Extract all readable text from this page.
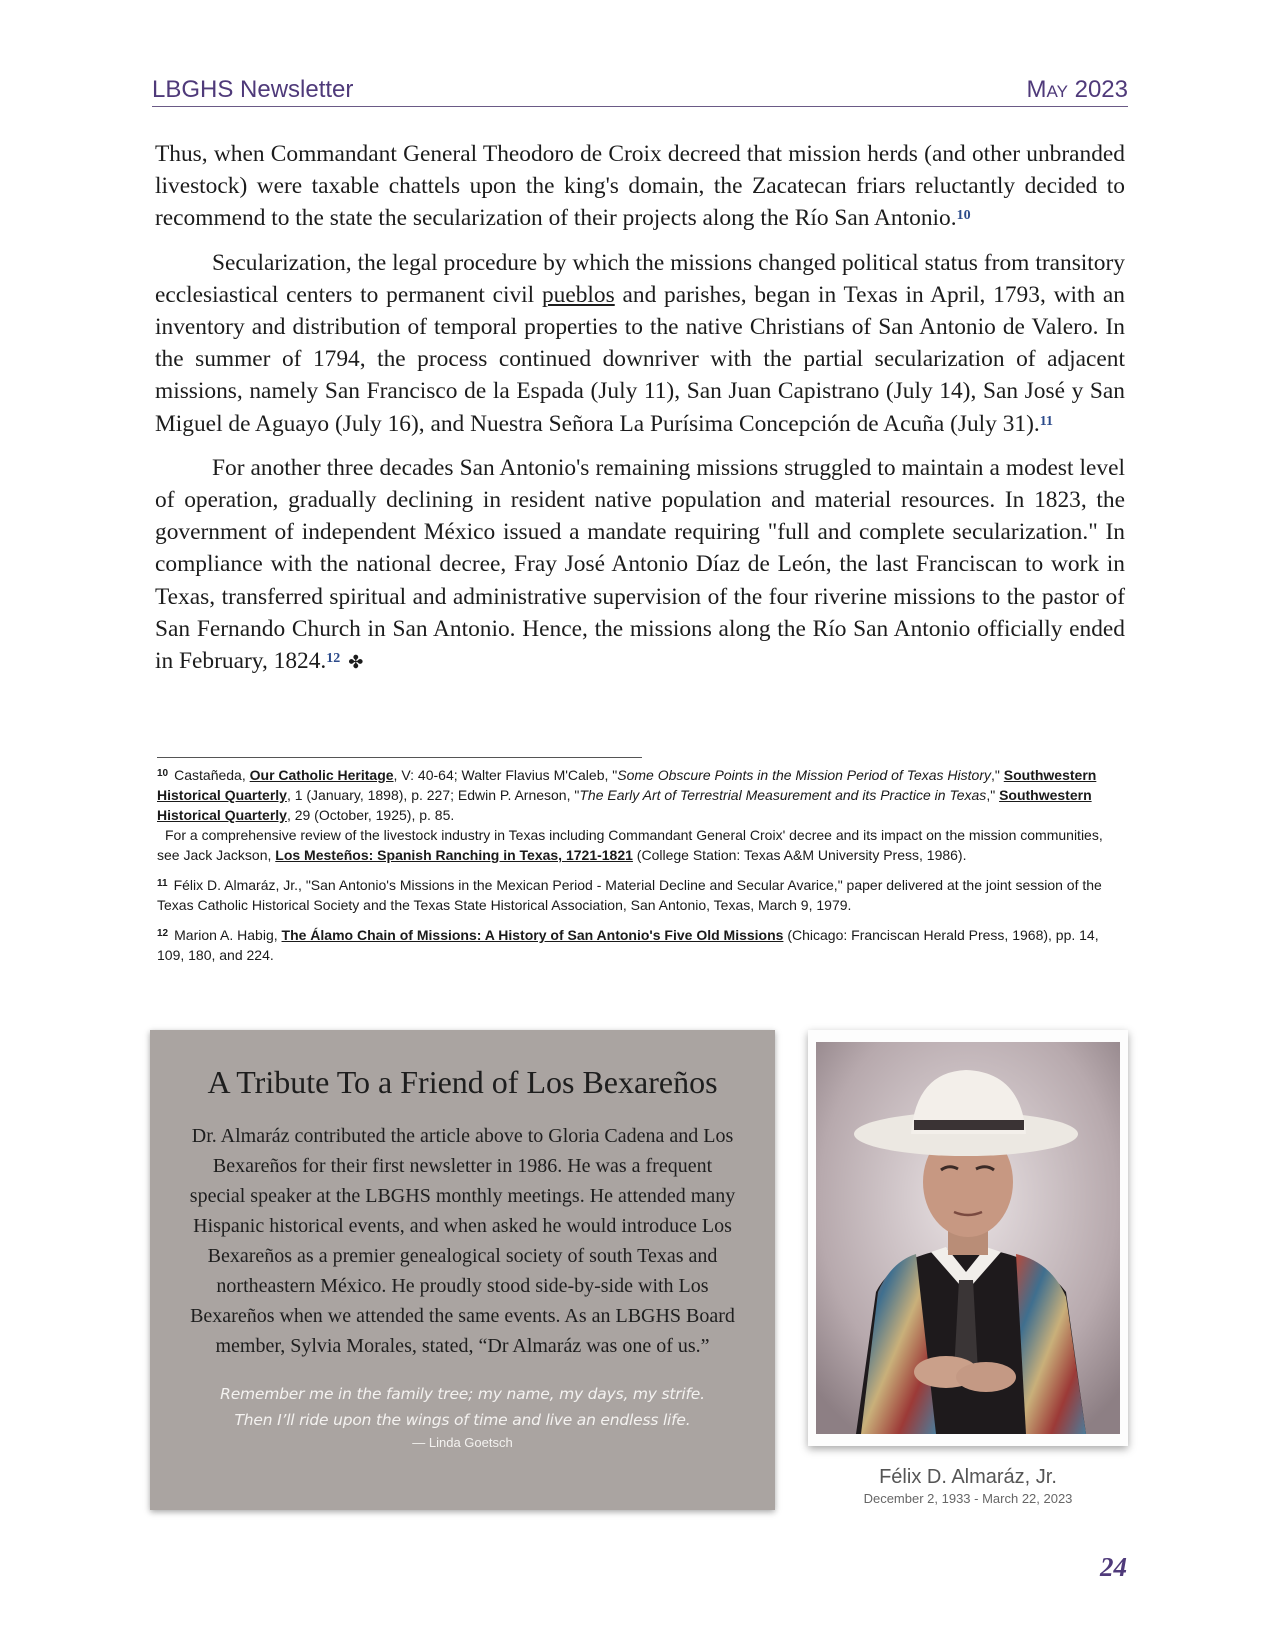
LBGHS Newsletter	May 2023

Thus, when Commandant General Theodoro de Croix decreed that mission herds (and other unbranded livestock) were taxable chattels upon the king's domain, the Zacatecan friars reluctantly decided to recommend to the state the secularization of their projects along the Río San Antonio.$^{10}$

Secularization, the legal procedure by which the missions changed political status from transitory ecclesiastical centers to permanent civil pueblos and parishes, began in Texas in April, 1793, with an inventory and distribution of temporal properties to the native Christians of San Antonio de Valero. In the summer of 1794, the process continued downriver with the partial secularization of adjacent missions, namely San Francisco de la Espada (July 11), San Juan Capistrano (July 14), San José y San Miguel de Aguayo (July 16), and Nuestra Señora La Purísima Concepción de Acuña (July 31).$^{11}$

For another three decades San Antonio's remaining missions struggled to maintain a modest level of operation, gradually declining in resident native population and material resources. In 1823, the government of independent México issued a mandate requiring "full and complete secularization." In compliance with the national decree, Fray José Antonio Díaz de León, the last Franciscan to work in Texas, transferred spiritual and administrative supervision of the four riverine missions to the pastor of San Fernando Church in San Antonio. Hence, the missions along the Río San Antonio officially ended in February, 1824.12 ✤

$^{10}$ Castañeda, Our Catholic Heritage, V: 40-64; Walter Flavius M'Caleb, "Some Obscure Points in the Mission Period of Texas History," Southwestern Historical Quarterly, 1 (January, 1898), p. 227; Edwin P. Arneson, "The Early Art of Terrestrial Measurement and its Practice in Texas," Southwestern Historical Quarterly, 29 (October, 1925), p. 85.
For a comprehensive review of the livestock industry in Texas including Commandant General Croix' decree and its impact on the mission communities, see Jack Jackson, Los Mesteños: Spanish Ranching in Texas, 1721-1821 (College Station: Texas A&M University Press, 1986).
$^{11}$ Félix D. Almaráz, Jr., "San Antonio's Missions in the Mexican Period - Material Decline and Secular Avarice," paper delivered at the joint session of the Texas Catholic Historical Society and the Texas State Historical Association, San Antonio, Texas, March 9, 1979.
$^{12}$ Marion A. Habig, The Álamo Chain of Missions: A History of San Antonio's Five Old Missions (Chicago: Franciscan Herald Press, 1968), pp. 14, 109, 180, and 224.
A Tribute To a Friend of Los Bexareños
Dr. Almaráz contributed the article above to Gloria Cadena and Los Bexareños for their first newsletter in 1986. He was a frequent special speaker at the LBGHS monthly meetings. He attended many Hispanic historical events, and when asked he would introduce Los Bexareños as a premier genealogical society of south Texas and northeastern México. He proudly stood side-by-side with Los Bexareños when we attended the same events. As an LBGHS Board member, Sylvia Morales, stated, “Dr Almaráz was one of us.”
Remember me in the family tree; my name, my days, my strife.
Then I’ll ride upon the wings of time and live an endless life.
— Linda Goetsch
Félix D. Almaráz, Jr.
December 2, 1933 - March 22, 2023
24
